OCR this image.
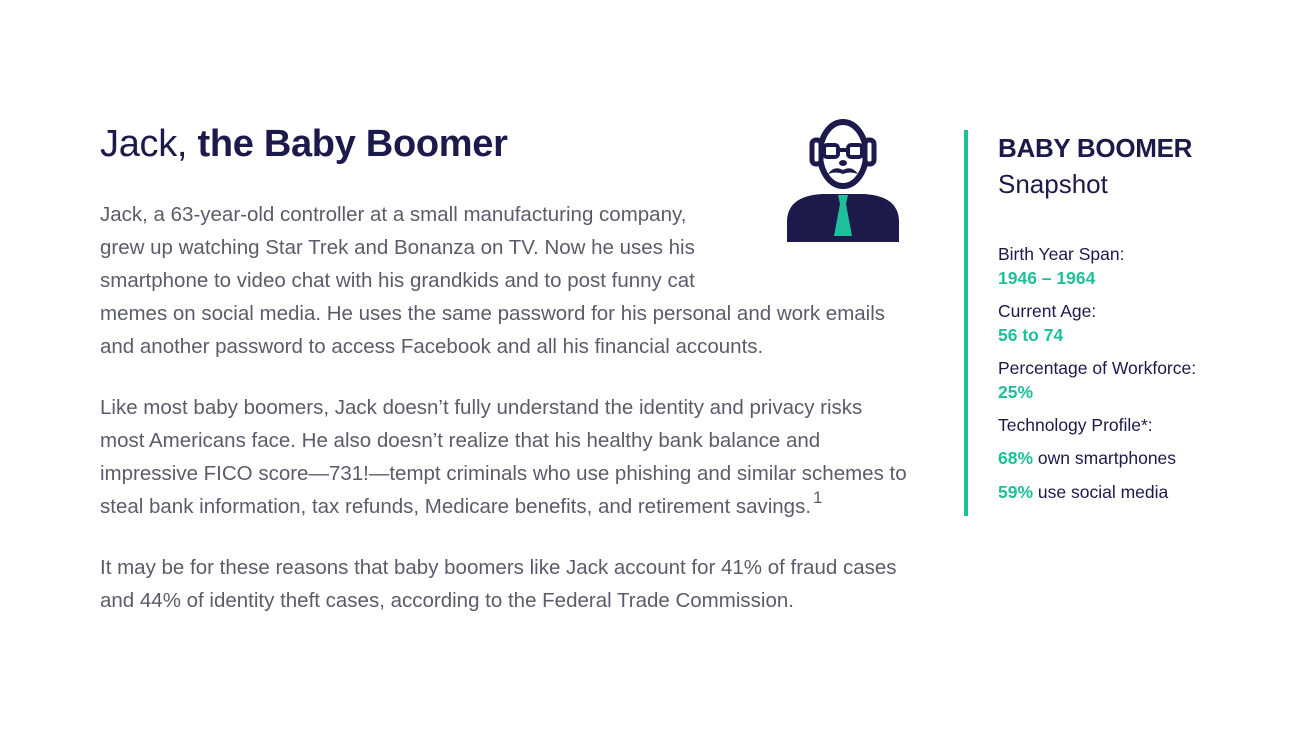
Jack, the Baby Boomer

Jack, a 63-year-old controller at a small manufacturing company,
grew up watching Star Trek and Bonanza on TV. Now he uses his
smartphone to video chat with his grandkids and to post funny cat
memes on social media. He uses the same password for his personal and work emails and another password to access Facebook and all his financial accounts.

Like most baby boomers, Jack doesn’t fully understand the identity and privacy risks most Americans face. He also doesn’t realize that his healthy bank balance and impressive FICO score—731!—tempt criminals who use phishing and similar schemes to steal bank information, tax refunds, Medicare benefits, and retirement savings. $^1$

It may be for these reasons that baby boomers like Jack account for 41% of fraud cases and 44% of identity theft cases, according to the Federal Trade Commission.

BABY BOOMER
Snapshot
Birth Year Span:
1946 – 1964
Current Age:
56 to 74
Percentage of Workforce:
25%
Technology Profile*:
68% own smartphones
59% use social media
